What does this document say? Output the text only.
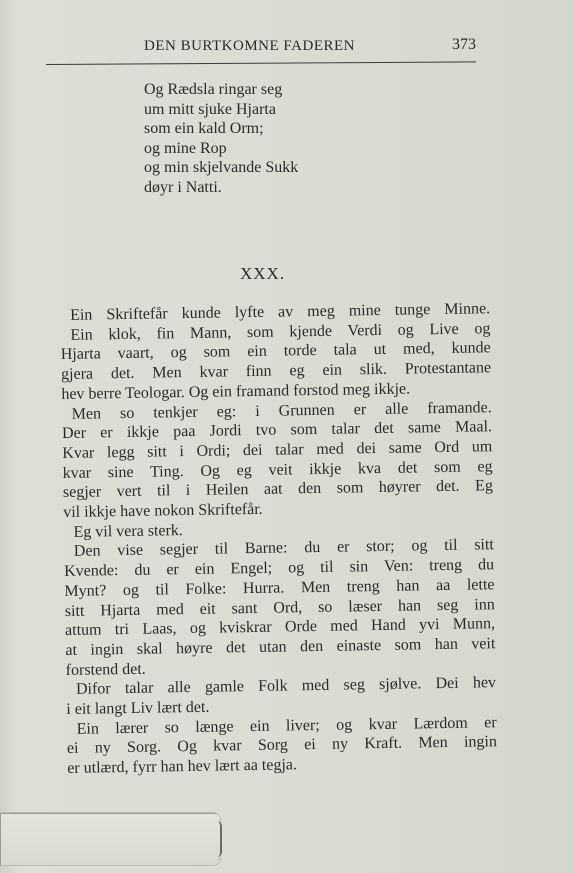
DEN BURTKOMNE FADEREN	373
Og Rædsla ringar seg
um mitt sjuke Hjarta
som ein kald Orm;
og mine Rop
og min skjelvande Sukk
døyr i Natti.
XXX.
Ein Skriftefår kunde lyfte av meg mine tunge Minne.
Ein klok, fin Mann, som kjende Verdi og Live og
Hjarta vaart, og som ein torde tala ut med, kunde
gjera det. Men kvar finn eg ein slik. Protestantane
hev berre Teologar. Og ein framand forstod meg ikkje.
Men so tenkjer eg: i Grunnen er alle framande.
Der er ikkje paa Jordi tvo som talar det same Maal.
Kvar legg sitt i Ordi; dei talar med dei same Ord um
kvar sine Ting. Og eg veit ikkje kva det som eg
segjer vert til i Heilen aat den som høyrer det. Eg
vil ikkje have nokon Skriftefår.
Eg vil vera sterk.
Den vise segjer til Barne: du er stor; og til sitt
Kvende: du er ein Engel; og til sin Ven: treng du
Mynt? og til Folke: Hurra. Men treng han aa lette
sitt Hjarta med eit sant Ord, so læser han seg inn
attum tri Laas, og kviskrar Orde med Hand yvi Munn,
at ingin skal høyre det utan den einaste som han veit
forstend det.
Difor talar alle gamle Folk med seg sjølve. Dei hev
i eit langt Liv lært det.
Ein lærer so længe ein liver; og kvar Lærdom er
ei ny Sorg. Og kvar Sorg ei ny Kraft. Men ingin
er utlærd, fyrr han hev lært aa tegja.
